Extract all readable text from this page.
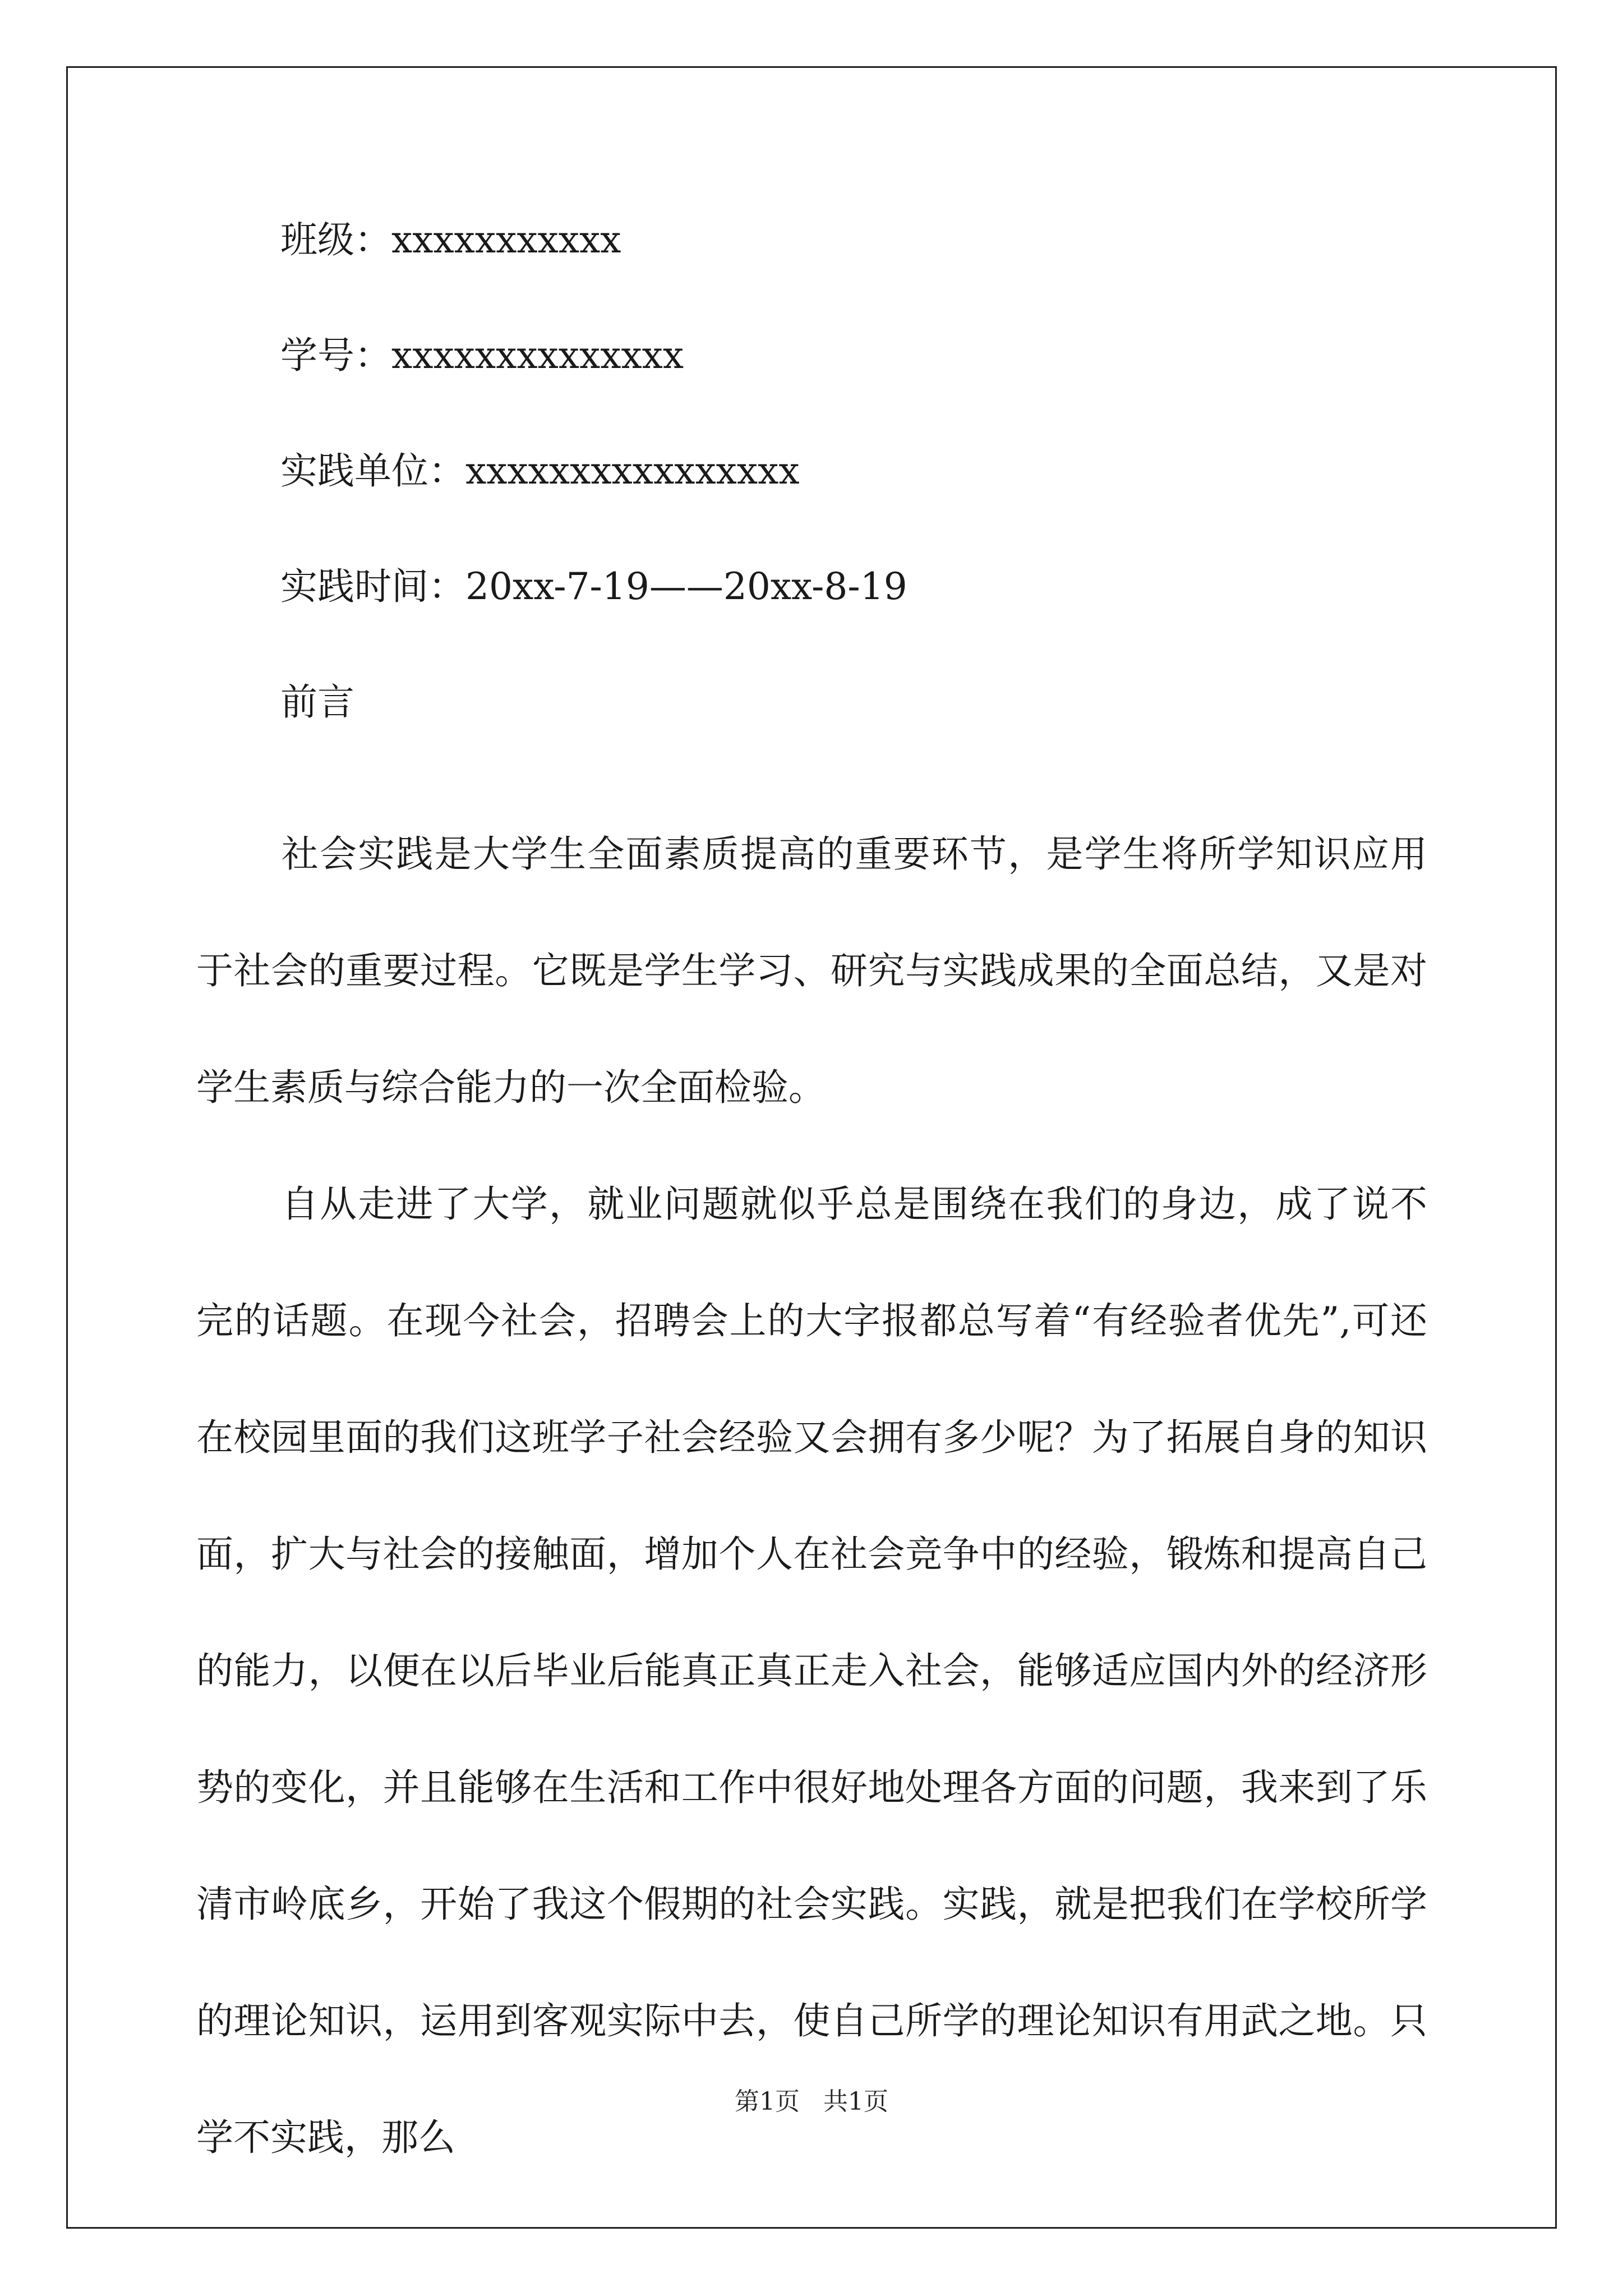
班级：xxxxxxxxxxx
学号：xxxxxxxxxxxxxx
实践单位：xxxxxxxxxxxxxxxx
实践时间：20xx-7-19——20xx-8-19
前言

社会实践是大学生全面素质提高的重要环节，是学生将所学知识应用于社会的重要过程。它既是学生学习、研究与实践成果的全面总结，又是对学生素质与综合能力的一次全面检验。

自从走进了大学，就业问题就似乎总是围绕在我们的身边，成了说不完的话题。在现今社会，招聘会上的大字报都总写着“有经验者优先”,可还在校园里面的我们这班学子社会经验又会拥有多少呢？为了拓展自身的知识面，扩大与社会的接触面，增加个人在社会竞争中的经验，锻炼和提高自己的能力，以便在以后毕业后能真正真正走入社会，能够适应国内外的经济形势的变化，并且能够在生活和工作中很好地处理各方面的问题，我来到了乐清市岭底乡，开始了我这个假期的社会实践。实践，就是把我们在学校所学的理论知识，运用到客观实际中去，使自己所学的理论知识有用武之地。只学不实践，那么

第1页   共1页
